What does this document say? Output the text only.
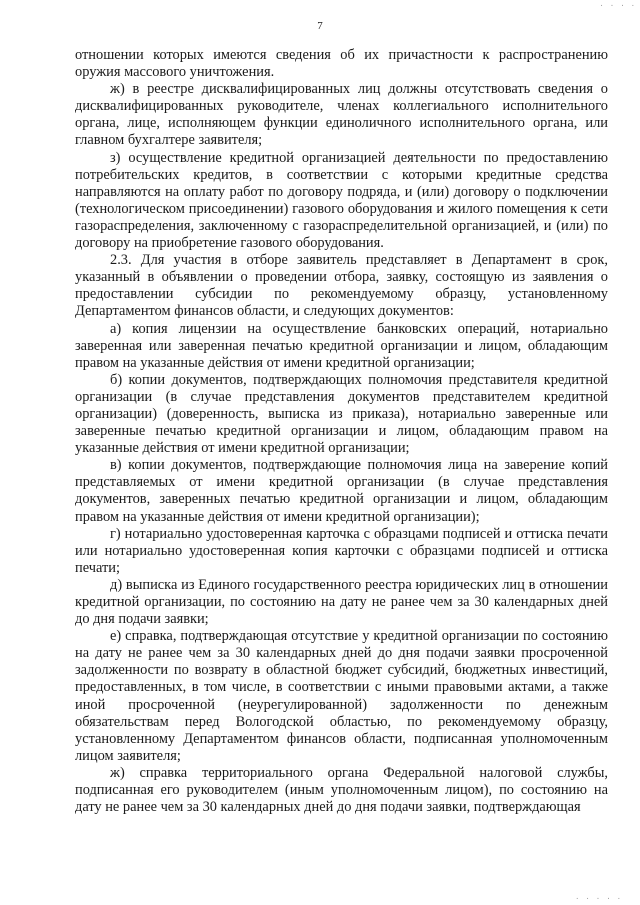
· · · ·
7

отношении которых имеются сведения об их причастности к распространению оружия массового уничтожения.

ж) в реестре дисквалифицированных лиц должны отсутствовать сведения о дисквалифицированных руководителе, членах коллегиального исполнительного органа, лице, исполняющем функции единоличного исполнительного органа, или главном бухгалтере заявителя;

з) осуществление кредитной организацией деятельности по предоставлению потребительских кредитов, в соответствии с которыми кредитные средства направляются на оплату работ по договору подряда, и (или) договору о подключении (технологическом присоединении) газового оборудования и жилого помещения к сети газораспределения, заключенному с газораспределительной организацией, и (или) по договору на приобретение газового оборудования.

2.3. Для участия в отборе заявитель представляет в Департамент в срок, указанный в объявлении о проведении отбора, заявку, состоящую из заявления о предоставлении субсидии по рекомендуемому образцу, установленному Департаментом финансов области, и следующих документов:

а) копия лицензии на осуществление банковских операций, нотариально заверенная или заверенная печатью кредитной организации и лицом, обладающим правом на указанные действия от имени кредитной организации;

б) копии документов, подтверждающих полномочия представителя кредитной организации (в случае представления документов представителем кредитной организации) (доверенность, выписка из приказа), нотариально заверенные или заверенные печатью кредитной организации и лицом, обладающим правом на указанные действия от имени кредитной организации;

в) копии документов, подтверждающие полномочия лица на заверение копий представляемых от имени кредитной организации (в случае представления документов, заверенных печатью кредитной организации и лицом, обладающим правом на указанные действия от имени кредитной организации);

г) нотариально удостоверенная карточка с образцами подписей и оттиска печати или нотариально удостоверенная копия карточки с образцами подписей и оттиска печати;

д) выписка из Единого государственного реестра юридических лиц в отношении кредитной организации, по состоянию на дату не ранее чем за 30 календарных дней до дня подачи заявки;

е) справка, подтверждающая отсутствие у кредитной организации по состоянию на дату не ранее чем за 30 календарных дней до дня подачи заявки просроченной задолженности по возврату в областной бюджет субсидий, бюджетных инвестиций, предоставленных, в том числе, в соответствии с иными правовыми актами, а также иной просроченной (неурегулированной) задолженности по денежным обязательствам перед Вологодской областью, по рекомендуемому образцу, установленному Департаментом финансов области, подписанная уполномоченным лицом заявителя;

ж) справка территориального органа Федеральной налоговой службы, подписанная его руководителем (иным уполномоченным лицом), по состоянию на дату не ранее чем за 30 календарных дней до дня подачи заявки, подтверждающая

· · · · ·
